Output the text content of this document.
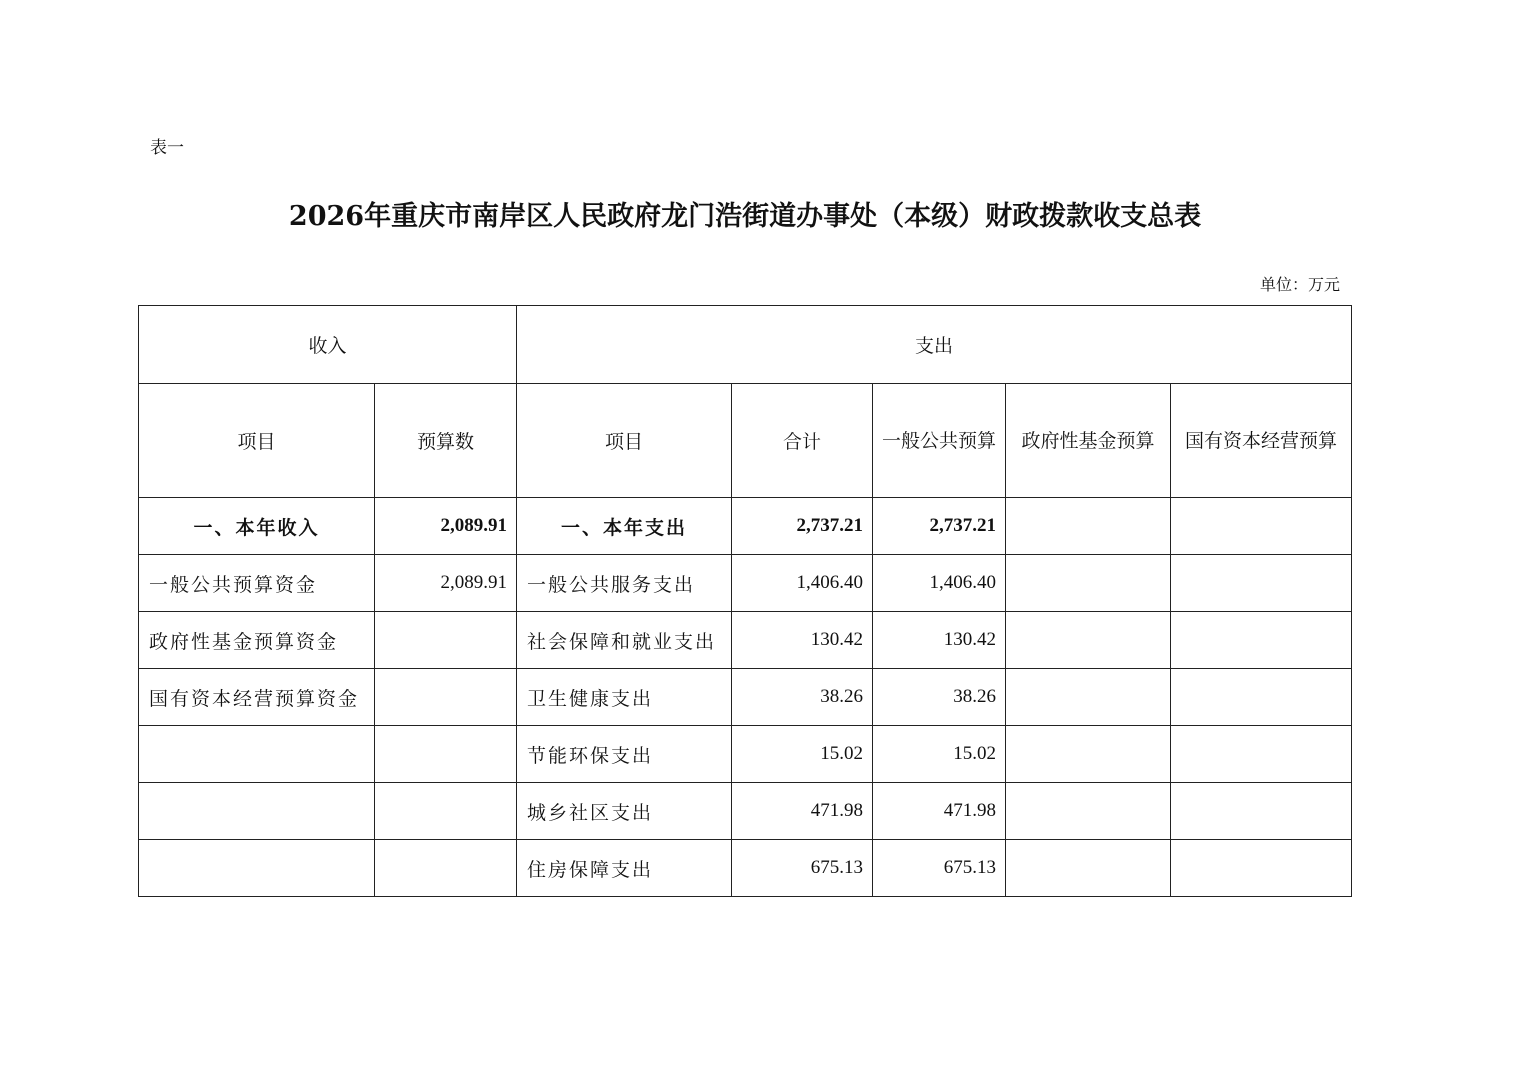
表一
2026年重庆市南岸区人民政府龙门浩街道办事处（本级）财政拨款收支总表
单位：万元
收入		支出				
项目	预算数	项目	合计	一般公共预算	政府性基金预算	国有资本经营预算
一、本年收入	2,089.91	一、本年支出	2,737.21	2,737.21		
一般公共预算资金	2,089.91	一般公共服务支出	1,406.40	1,406.40		
政府性基金预算资金		社会保障和就业支出	130.42	130.42		
国有资本经营预算资金		卫生健康支出	38.26	38.26		
		节能环保支出	15.02	15.02		
		城乡社区支出	471.98	471.98		
		住房保障支出	675.13	675.13		
